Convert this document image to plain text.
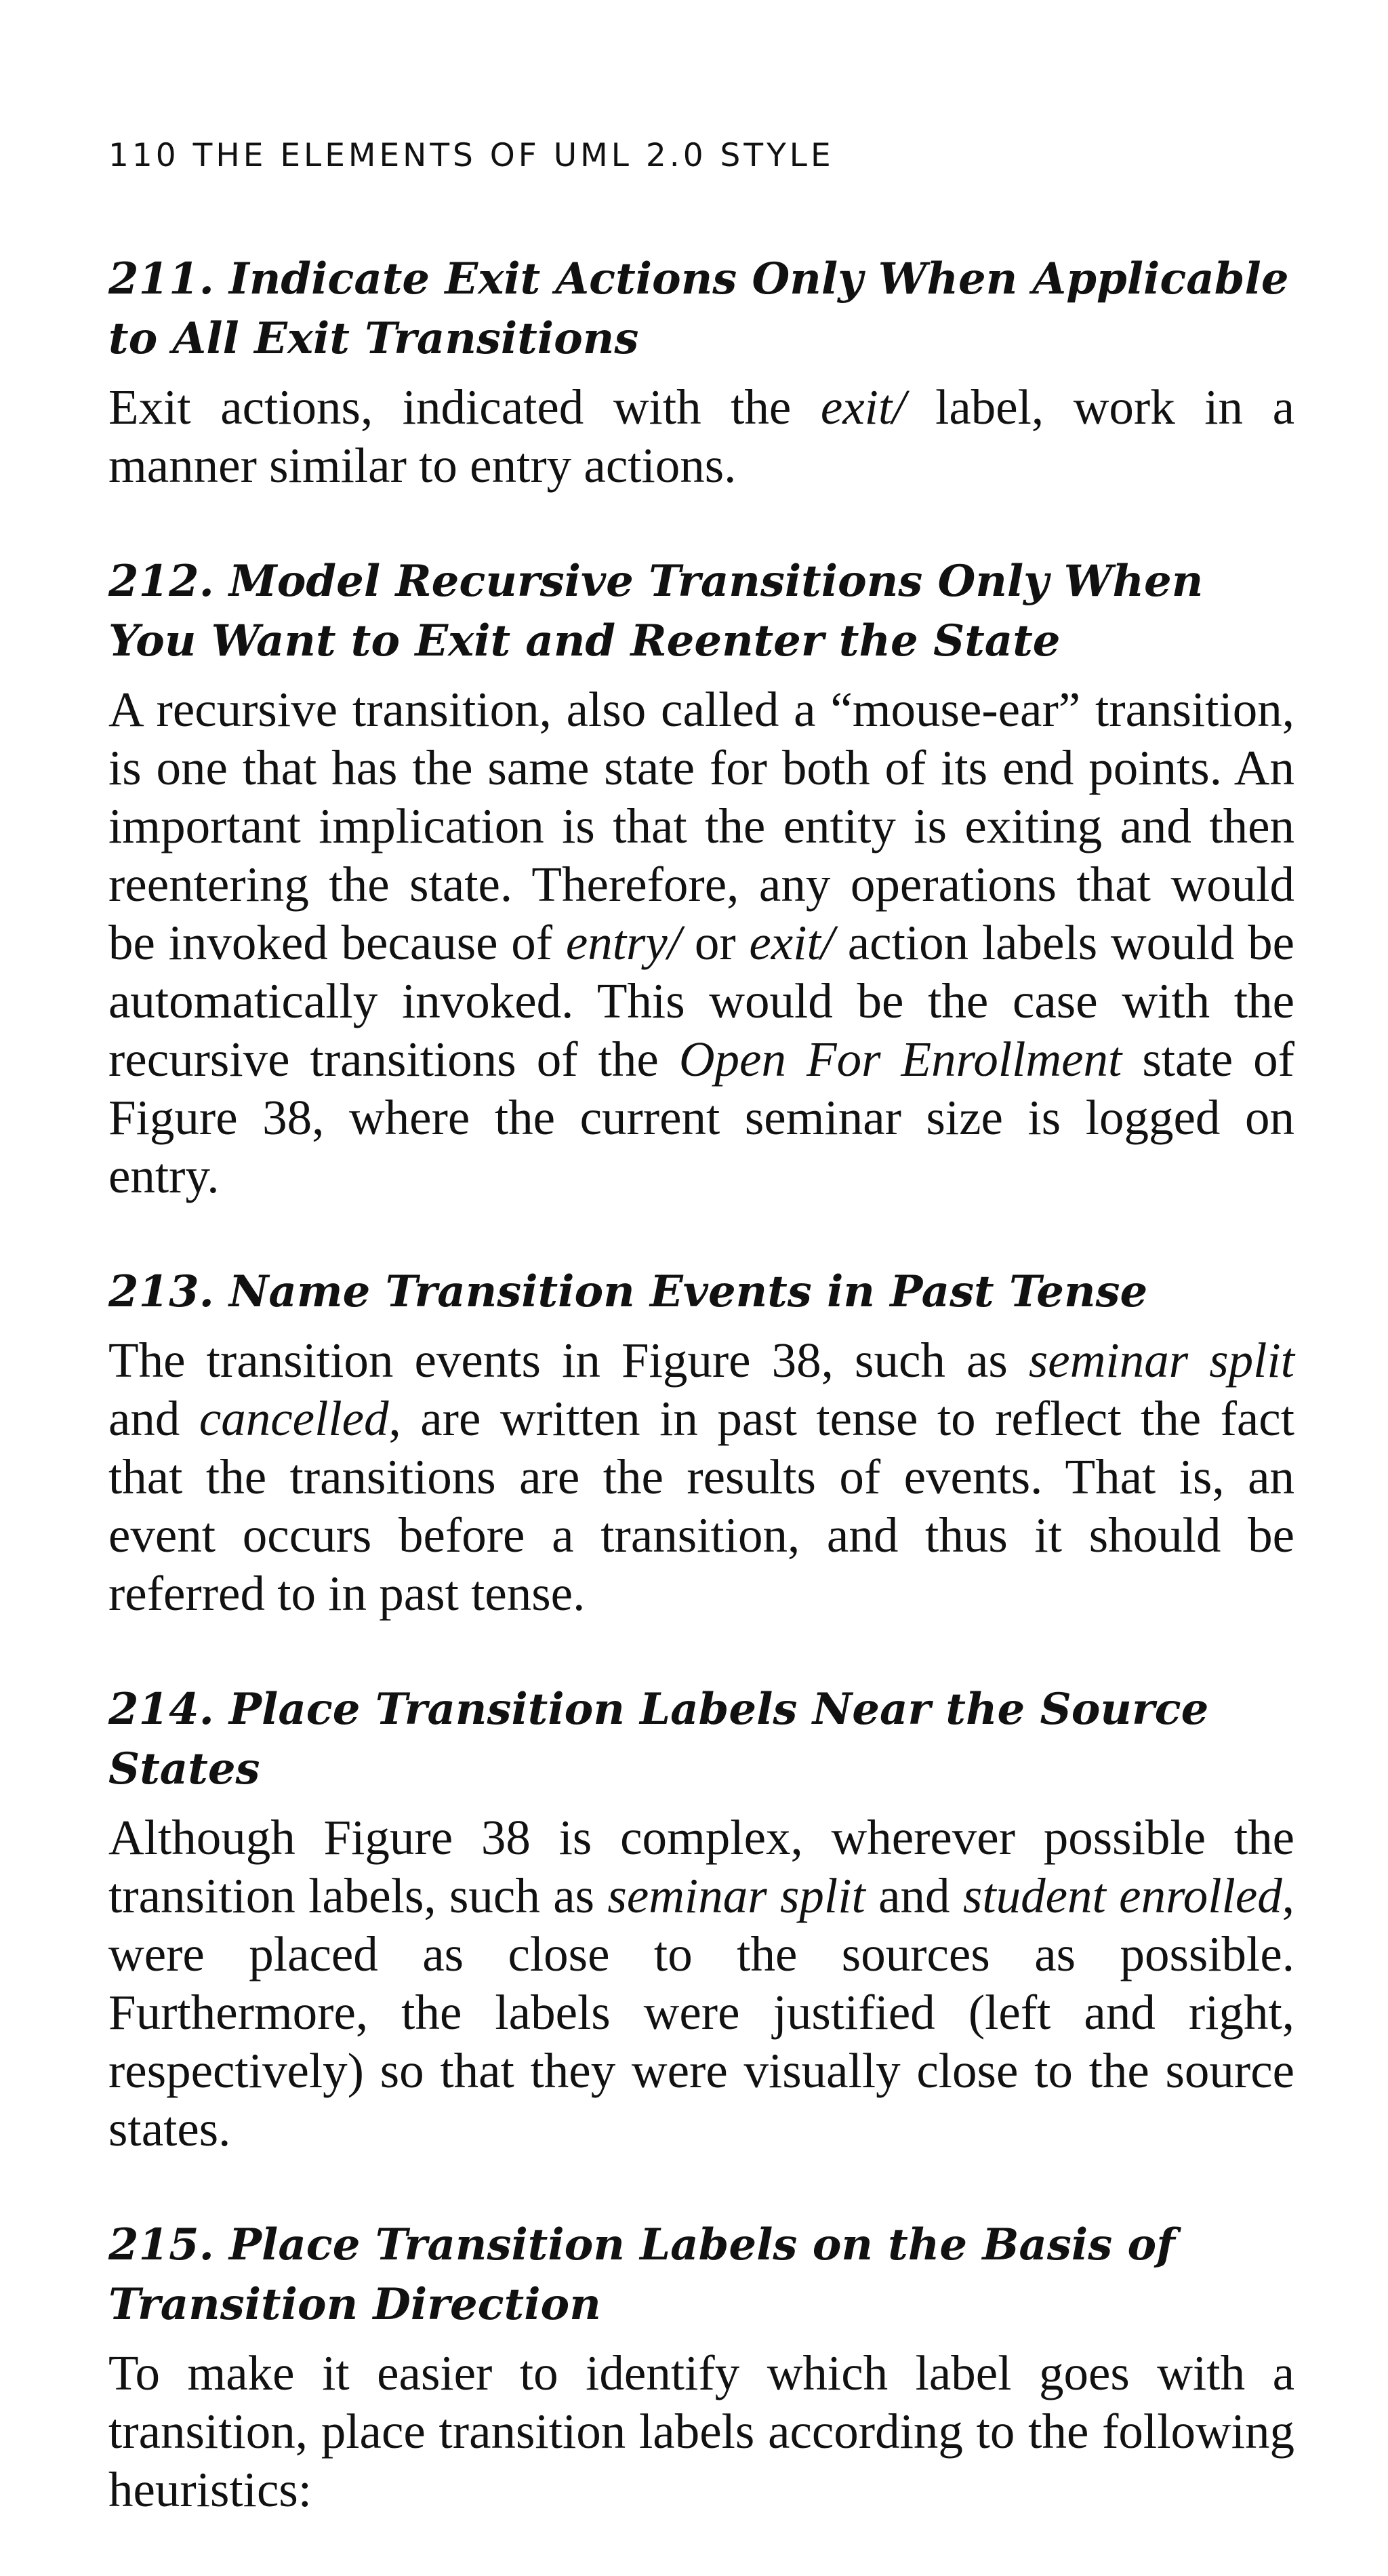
110 THE ELEMENTS OF UML 2.0 STYLE
211. Indicate Exit Actions Only When Applicable to All Exit Transitions

Exit actions, indicated with the exit/ label, work in a manner similar to entry actions.

212. Model Recursive Transitions Only When You Want to Exit and Reenter the State

A recursive transition, also called a “mouse-ear” transition, is one that has the same state for both of its end points. An important implication is that the entity is exiting and then reentering the state. Therefore, any operations that would be invoked because of entry/ or exit/ action labels would be automatically invoked. This would be the case with the recursive transitions of the Open For Enrollment state of Figure 38, where the current seminar size is logged on entry.

213. Name Transition Events in Past Tense

The transition events in Figure 38, such as seminar split and cancelled, are written in past tense to reflect the fact that the transitions are the results of events. That is, an event occurs before a transition, and thus it should be referred to in past tense.

214. Place Transition Labels Near the Source States

Although Figure 38 is complex, wherever possible the transition labels, such as seminar split and student enrolled, were placed as close to the sources as possible. Furthermore, the labels were justified (left and right, respectively) so that they were visually close to the source states.

215. Place Transition Labels on the Basis of Transition Direction

To make it easier to identify which label goes with a transition, place transition labels according to the following heuristics:
